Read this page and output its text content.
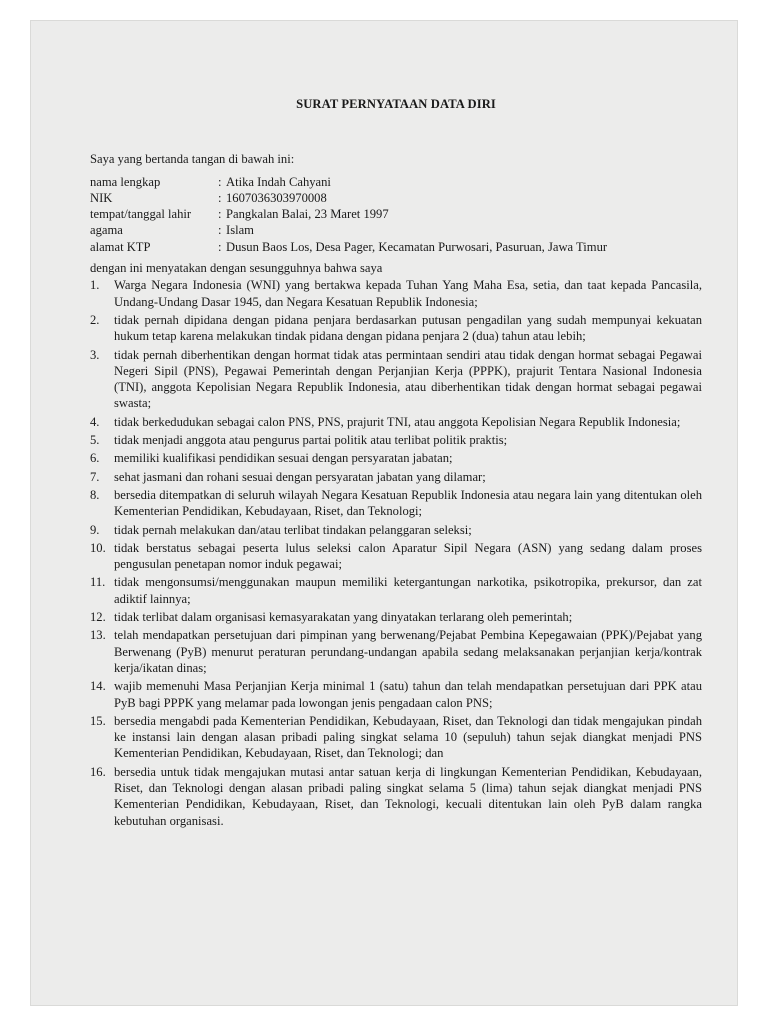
SURAT PERNYATAAN DATA DIRI
Saya yang bertanda tangan di bawah ini:
nama lengkap	: Atika Indah Cahyani
NIK	: 1607036303970008
tempat/tanggal lahir	: Pangkalan Balai, 23 Maret 1997
agama	: Islam
alamat KTP	: Dusun Baos Los, Desa Pager, Kecamatan Purwosari, Pasuruan, Jawa Timur
dengan ini menyatakan dengan sesungguhnya bahwa saya
1.	Warga Negara Indonesia (WNI) yang bertakwa kepada Tuhan Yang Maha Esa, setia, dan taat kepada Pancasila, Undang-Undang Dasar 1945, dan Negara Kesatuan Republik Indonesia;
2.	tidak pernah dipidana dengan pidana penjara berdasarkan putusan pengadilan yang sudah mempunyai kekuatan hukum tetap karena melakukan tindak pidana dengan pidana penjara 2 (dua) tahun atau lebih;
3.	tidak pernah diberhentikan dengan hormat tidak atas permintaan sendiri atau tidak dengan hormat sebagai Pegawai Negeri Sipil (PNS), Pegawai Pemerintah dengan Perjanjian Kerja (PPPK), prajurit Tentara Nasional Indonesia (TNI), anggota Kepolisian Negara Republik Indonesia, atau diberhentikan tidak dengan hormat sebagai pegawai swasta;
4.	tidak berkedudukan sebagai calon PNS, PNS, prajurit TNI, atau anggota Kepolisian Negara Republik Indonesia;
5.	tidak menjadi anggota atau pengurus partai politik atau terlibat politik praktis;
6.	memiliki kualifikasi pendidikan sesuai dengan persyaratan jabatan;
7.	sehat jasmani dan rohani sesuai dengan persyaratan jabatan yang dilamar;
8.	bersedia ditempatkan di seluruh wilayah Negara Kesatuan Republik Indonesia atau negara lain yang ditentukan oleh Kementerian Pendidikan, Kebudayaan, Riset, dan Teknologi;
9.	tidak pernah melakukan dan/atau terlibat tindakan pelanggaran seleksi;
10. tidak berstatus sebagai peserta lulus seleksi calon Aparatur Sipil Negara (ASN) yang sedang dalam proses pengusulan penetapan nomor induk pegawai;
11. tidak mengonsumsi/menggunakan maupun memiliki ketergantungan narkotika, psikotropika, prekursor, dan zat adiktif lainnya;
12. tidak terlibat dalam organisasi kemasyarakatan yang dinyatakan terlarang oleh pemerintah;
13. telah mendapatkan persetujuan dari pimpinan yang berwenang/Pejabat Pembina Kepegawaian (PPK)/Pejabat yang Berwenang (PyB) menurut peraturan perundang-undangan apabila sedang melaksanakan perjanjian kerja/kontrak kerja/ikatan dinas;
14. wajib memenuhi Masa Perjanjian Kerja minimal 1 (satu) tahun dan telah mendapatkan persetujuan dari PPK atau PyB bagi PPPK yang melamar pada lowongan jenis pengadaan calon PNS;
15. bersedia mengabdi pada Kementerian Pendidikan, Kebudayaan, Riset, dan Teknologi dan tidak mengajukan pindah ke instansi lain dengan alasan pribadi paling singkat selama 10 (sepuluh) tahun sejak diangkat menjadi PNS Kementerian Pendidikan, Kebudayaan, Riset, dan Teknologi; dan
16. bersedia untuk tidak mengajukan mutasi antar satuan kerja di lingkungan Kementerian Pendidikan, Kebudayaan, Riset, dan Teknologi dengan alasan pribadi paling singkat selama 5 (lima) tahun sejak diangkat menjadi PNS Kementerian Pendidikan, Kebudayaan, Riset, dan Teknologi, kecuali ditentukan lain oleh PyB dalam rangka kebutuhan organisasi.
